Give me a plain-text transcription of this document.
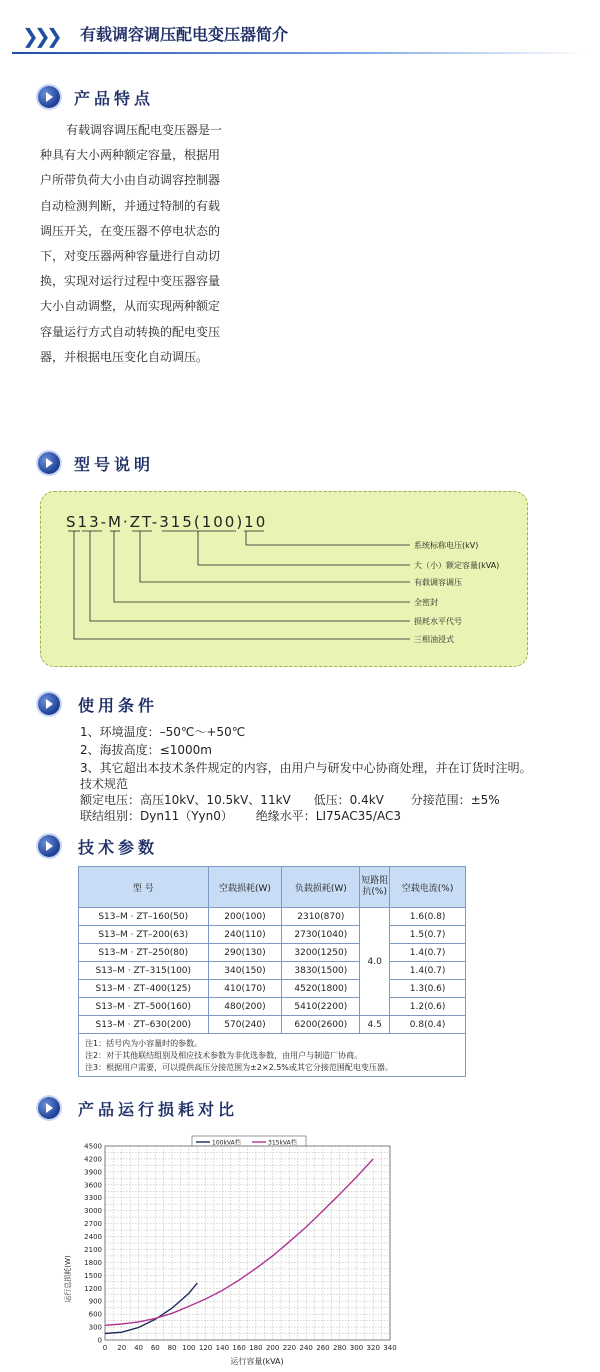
❯ ❯ ❯ 有载调容调压配电变压器简介
产品特点

有载调容调压配电变压器是一

种具有大小两种额定容量，根据用

户所带负荷大小由自动调容控制器

自动检测判断，并通过特制的有载

调压开关，在变压器不停电状态的

下，对变压器两种容量进行自动切

换，实现对运行过程中变压器容量

大小自动调整，从而实现两种额定

容量运行方式自动转换的配电变压

器，并根据电压变化自动调压。

型号说明
S13-M·ZT-315(100)10
系统标称电压(kV)
大（小）额定容量(kVA)
有载调容调压
全密封
损耗水平代号
三相油浸式
使用条件
1、环境温度：–50℃～+50℃
2、海拔高度：≤1000m
3、其它超出本技术条件规定的内容，由用户与研发中心协商处理，并在订货时注明。
技术规范
额定电压：高压10kV、10.5kV、11kV      低压：0.4kV       分接范围：±5%
联结组别：Dyn11（Yyn0）      绝缘水平：LI75AC35/AC3
技术参数
型 号	空载损耗(W)	负载损耗(W)	短路阻抗(%)	空载电流(%)
S13–M · ZT–160(50)	200(100)	2310(870)	4.0	1.6(0.8)
S13–M · ZT–200(63)	240(110)	2730(1040)		1.5(0.7)
S13–M · ZT–250(80)	290(130)	3200(1250)		1.4(0.7)
S13–M · ZT–315(100)	340(150)	3830(1500)		1.4(0.7)
S13–M · ZT–400(125)	410(170)	4520(1800)		1.3(0.6)
S13–M · ZT–500(160)	480(200)	5410(2200)		1.2(0.6)
S13–M · ZT–630(200)	570(240)	6200(2600)	4.5	0.8(0.4)
注1：括号内为小容量时的参数。
注2：对于其他联结组别及相应技术参数为非优选参数，由用户与制造厂协商。
注3：根据用户需要，可以提供高压分接范围为±2×2.5%或其它分接范围配电变压器。
产品运行损耗对比
100kVA档	315kVA档
0 20 40 60 80 100 120 140 160 180 200 220 240 260 280 300 320 340
0
300
600
900
1200
1500
1800
2100
2400
2700
3000
3300
3600
3900
4200
4500
运行总损耗(W)
运行容量(kVA)
